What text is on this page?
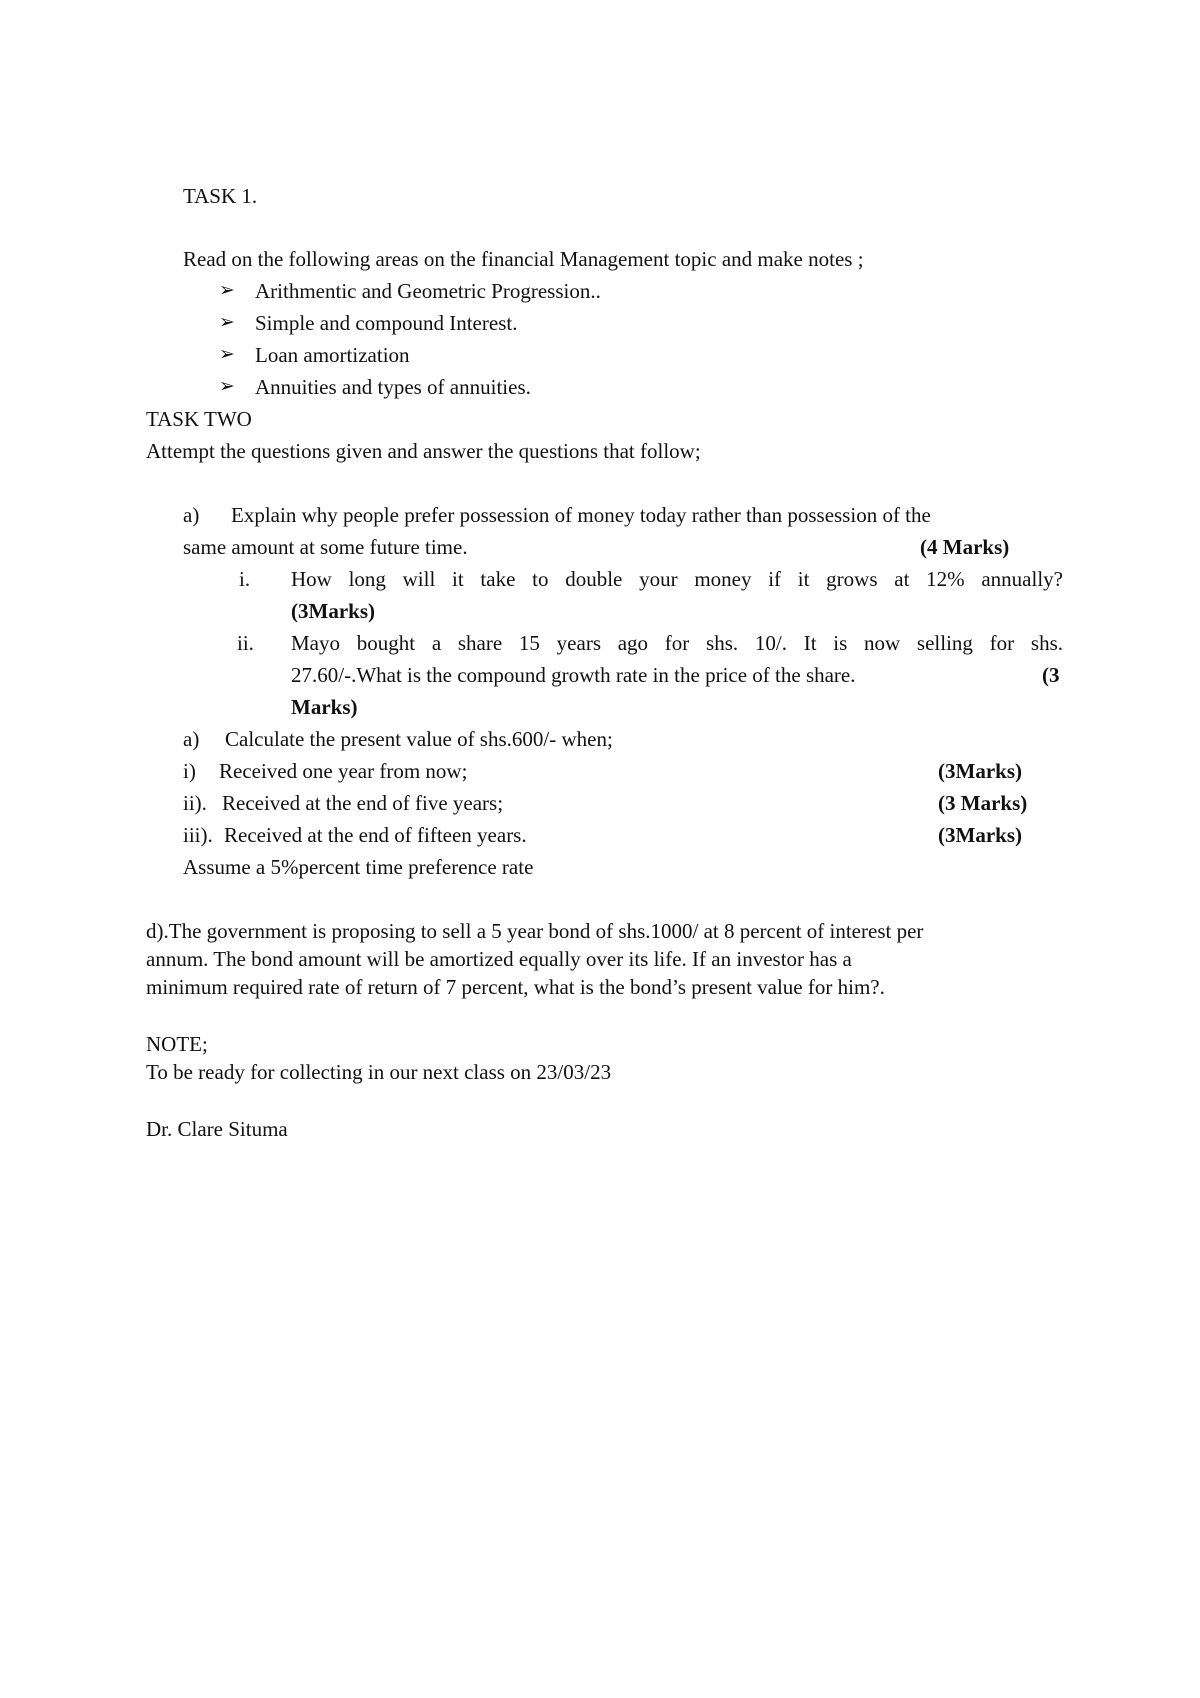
TASK 1.
Read on the following areas on the financial Management topic and make notes ;
➢ Arithmentic and Geometric Progression..
➢ Simple and compound Interest.
➢ Loan amortization
➢ Annuities and types of annuities.
TASK TWO
Attempt the questions given and answer the questions that follow;
a) Explain why people prefer possession of money today rather than possession of the
same amount at some future time.	(4 Marks)
i. How long will it take to double your money if it grows at 12% annually?
(3Marks)
ii. Mayo bought a share 15 years ago for shs. 10/. It is now selling for shs.
27.60/-.What is the compound growth rate in the price of the share.	(3
Marks)
a) Calculate the present value of shs.600/- when;
i) Received one year from now;	(3Marks)
ii). Received at the end of five years;	(3 Marks)
iii). Received at the end of fifteen years.	(3Marks)
Assume a 5%percent time preference rate
d).The government is proposing to sell a 5 year bond of shs.1000/ at 8 percent of interest per
annum. The bond amount will be amortized equally over its life. If an investor has a
minimum required rate of return of 7 percent, what is the bond’s present value for him?.
NOTE;
To be ready for collecting in our next class on 23/03/23
Dr. Clare Situma
